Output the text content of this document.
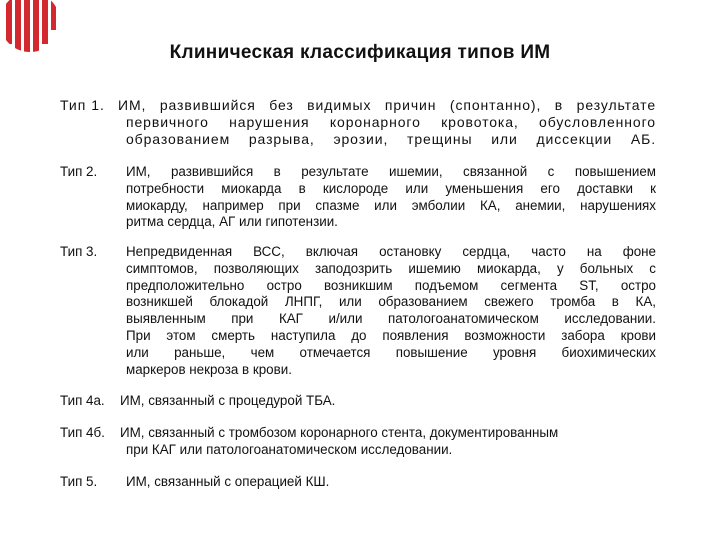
Клиническая классификация типов ИМ
Тип 1. ИМ, развившийся без видимых причин (спонтанно), в результате
первичного нарушения коронарного кровотока, обусловленного
образованием разрыва, эрозии, трещины или диссекции АБ.
Тип 2. ИМ, развившийся в результате ишемии, связанной с повышением
потребности миокарда в кислороде или уменьшения его доставки к
миокарду, например при спазме или эмболии КА, анемии, нарушениях
ритма сердца, АГ или гипотензии.
Тип 3. Непредвиденная ВСС, включая остановку сердца, часто на фоне
симптомов, позволяющих заподозрить ишемию миокарда, у больных с
предположительно остро возникшим подъемом сегмента ST, остро
возникшей блокадой ЛНПГ, или образованием свежего тромба в КА,
выявленным при КАГ и/или патологоанатомическом исследовании.
При этом смерть наступила до появления возможности забора крови
или раньше, чем отмечается повышение уровня биохимических
маркеров некроза в крови.
Тип 4а. ИМ, связанный с процедурой ТБА.
Тип 4б. ИМ, связанный с тромбозом коронарного стента, документированным
при КАГ или патологоанатомическом исследовании.
Тип 5. ИМ, связанный с операцией КШ.
